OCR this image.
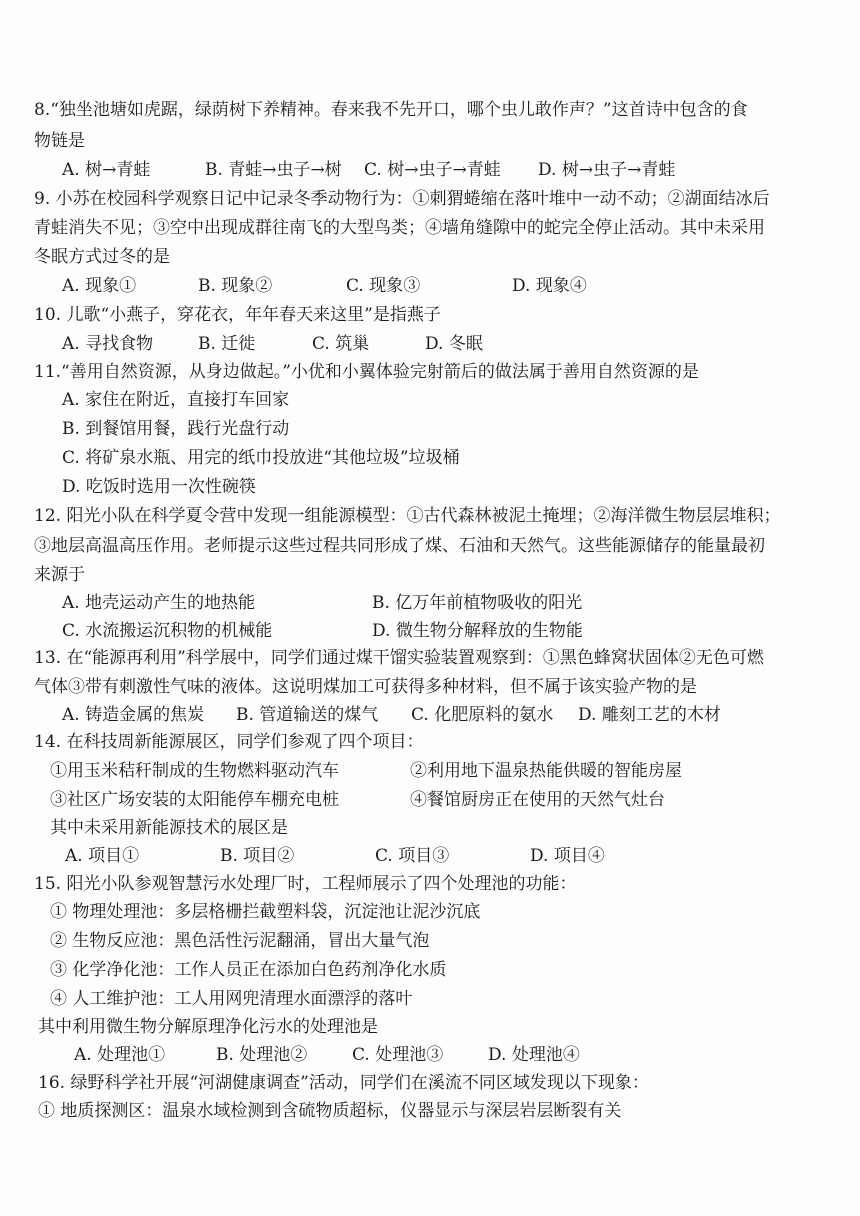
8.“独坐池塘如虎踞，绿荫树下养精神。春来我不先开口，哪个虫儿敢作声？”这首诗中包含的食
物链是
A. 树→青蛙	B. 青蛙→虫子→树 C. 树→虫子→青蛙 D. 树→虫子→青蛙
9. 小苏在校园科学观察日记中记录冬季动物行为：①刺猬蜷缩在落叶堆中一动不动；②湖面结冰后
青蛙消失不见；③空中出现成群往南飞的大型鸟类；④墙角缝隙中的蛇完全停止活动。其中未采用
冬眠方式过冬的是
A. 现象①	B. 现象②	C. 现象③	D. 现象④
10. 儿歌“小燕子，穿花衣，年年春天来这里”是指燕子
A. 寻找食物	B. 迁徙	C. 筑巢	D. 冬眠
11.“善用自然资源，从身边做起。”小优和小翼体验完射箭后的做法属于善用自然资源的是
A. 家住在附近，直接打车回家
B. 到餐馆用餐，践行光盘行动
C. 将矿泉水瓶、用完的纸巾投放进“其他垃圾”垃圾桶
D. 吃饭时选用一次性碗筷
12. 阳光小队在科学夏令营中发现一组能源模型：①古代森林被泥土掩埋；②海洋微生物层层堆积；
③地层高温高压作用。老师提示这些过程共同形成了煤、石油和天然气。这些能源储存的能量最初
来源于
A. 地壳运动产生的地热能	B. 亿万年前植物吸收的阳光
C. 水流搬运沉积物的机械能	D. 微生物分解释放的生物能
13. 在“能源再利用”科学展中，同学们通过煤干馏实验装置观察到：①黑色蜂窝状固体②无色可燃
气体③带有刺激性气味的液体。这说明煤加工可获得多种材料，但不属于该实验产物的是
A. 铸造金属的焦炭 B. 管道输送的煤气 C. 化肥原料的氨水 D. 雕刻工艺的木材
14. 在科技周新能源展区，同学们参观了四个项目：
①用玉米秸秆制成的生物燃料驱动汽车	②利用地下温泉热能供暖的智能房屋
③社区广场安装的太阳能停车棚充电桩	④餐馆厨房正在使用的天然气灶台
其中未采用新能源技术的展区是
A. 项目①	B. 项目②	C. 项目③	D. 项目④
15. 阳光小队参观智慧污水处理厂时，工程师展示了四个处理池的功能：
① 物理处理池：多层格栅拦截塑料袋，沉淀池让泥沙沉底
② 生物反应池：黑色活性污泥翻涌，冒出大量气泡
③ 化学净化池：工作人员正在添加白色药剂净化水质
④ 人工维护池：工人用网兜清理水面漂浮的落叶
其中利用微生物分解原理净化污水的处理池是
A. 处理池①	B. 处理池②	C. 处理池③	D. 处理池④
16. 绿野科学社开展“河湖健康调查”活动，同学们在溪流不同区域发现以下现象：
① 地质探测区：温泉水域检测到含硫物质超标，仪器显示与深层岩层断裂有关
